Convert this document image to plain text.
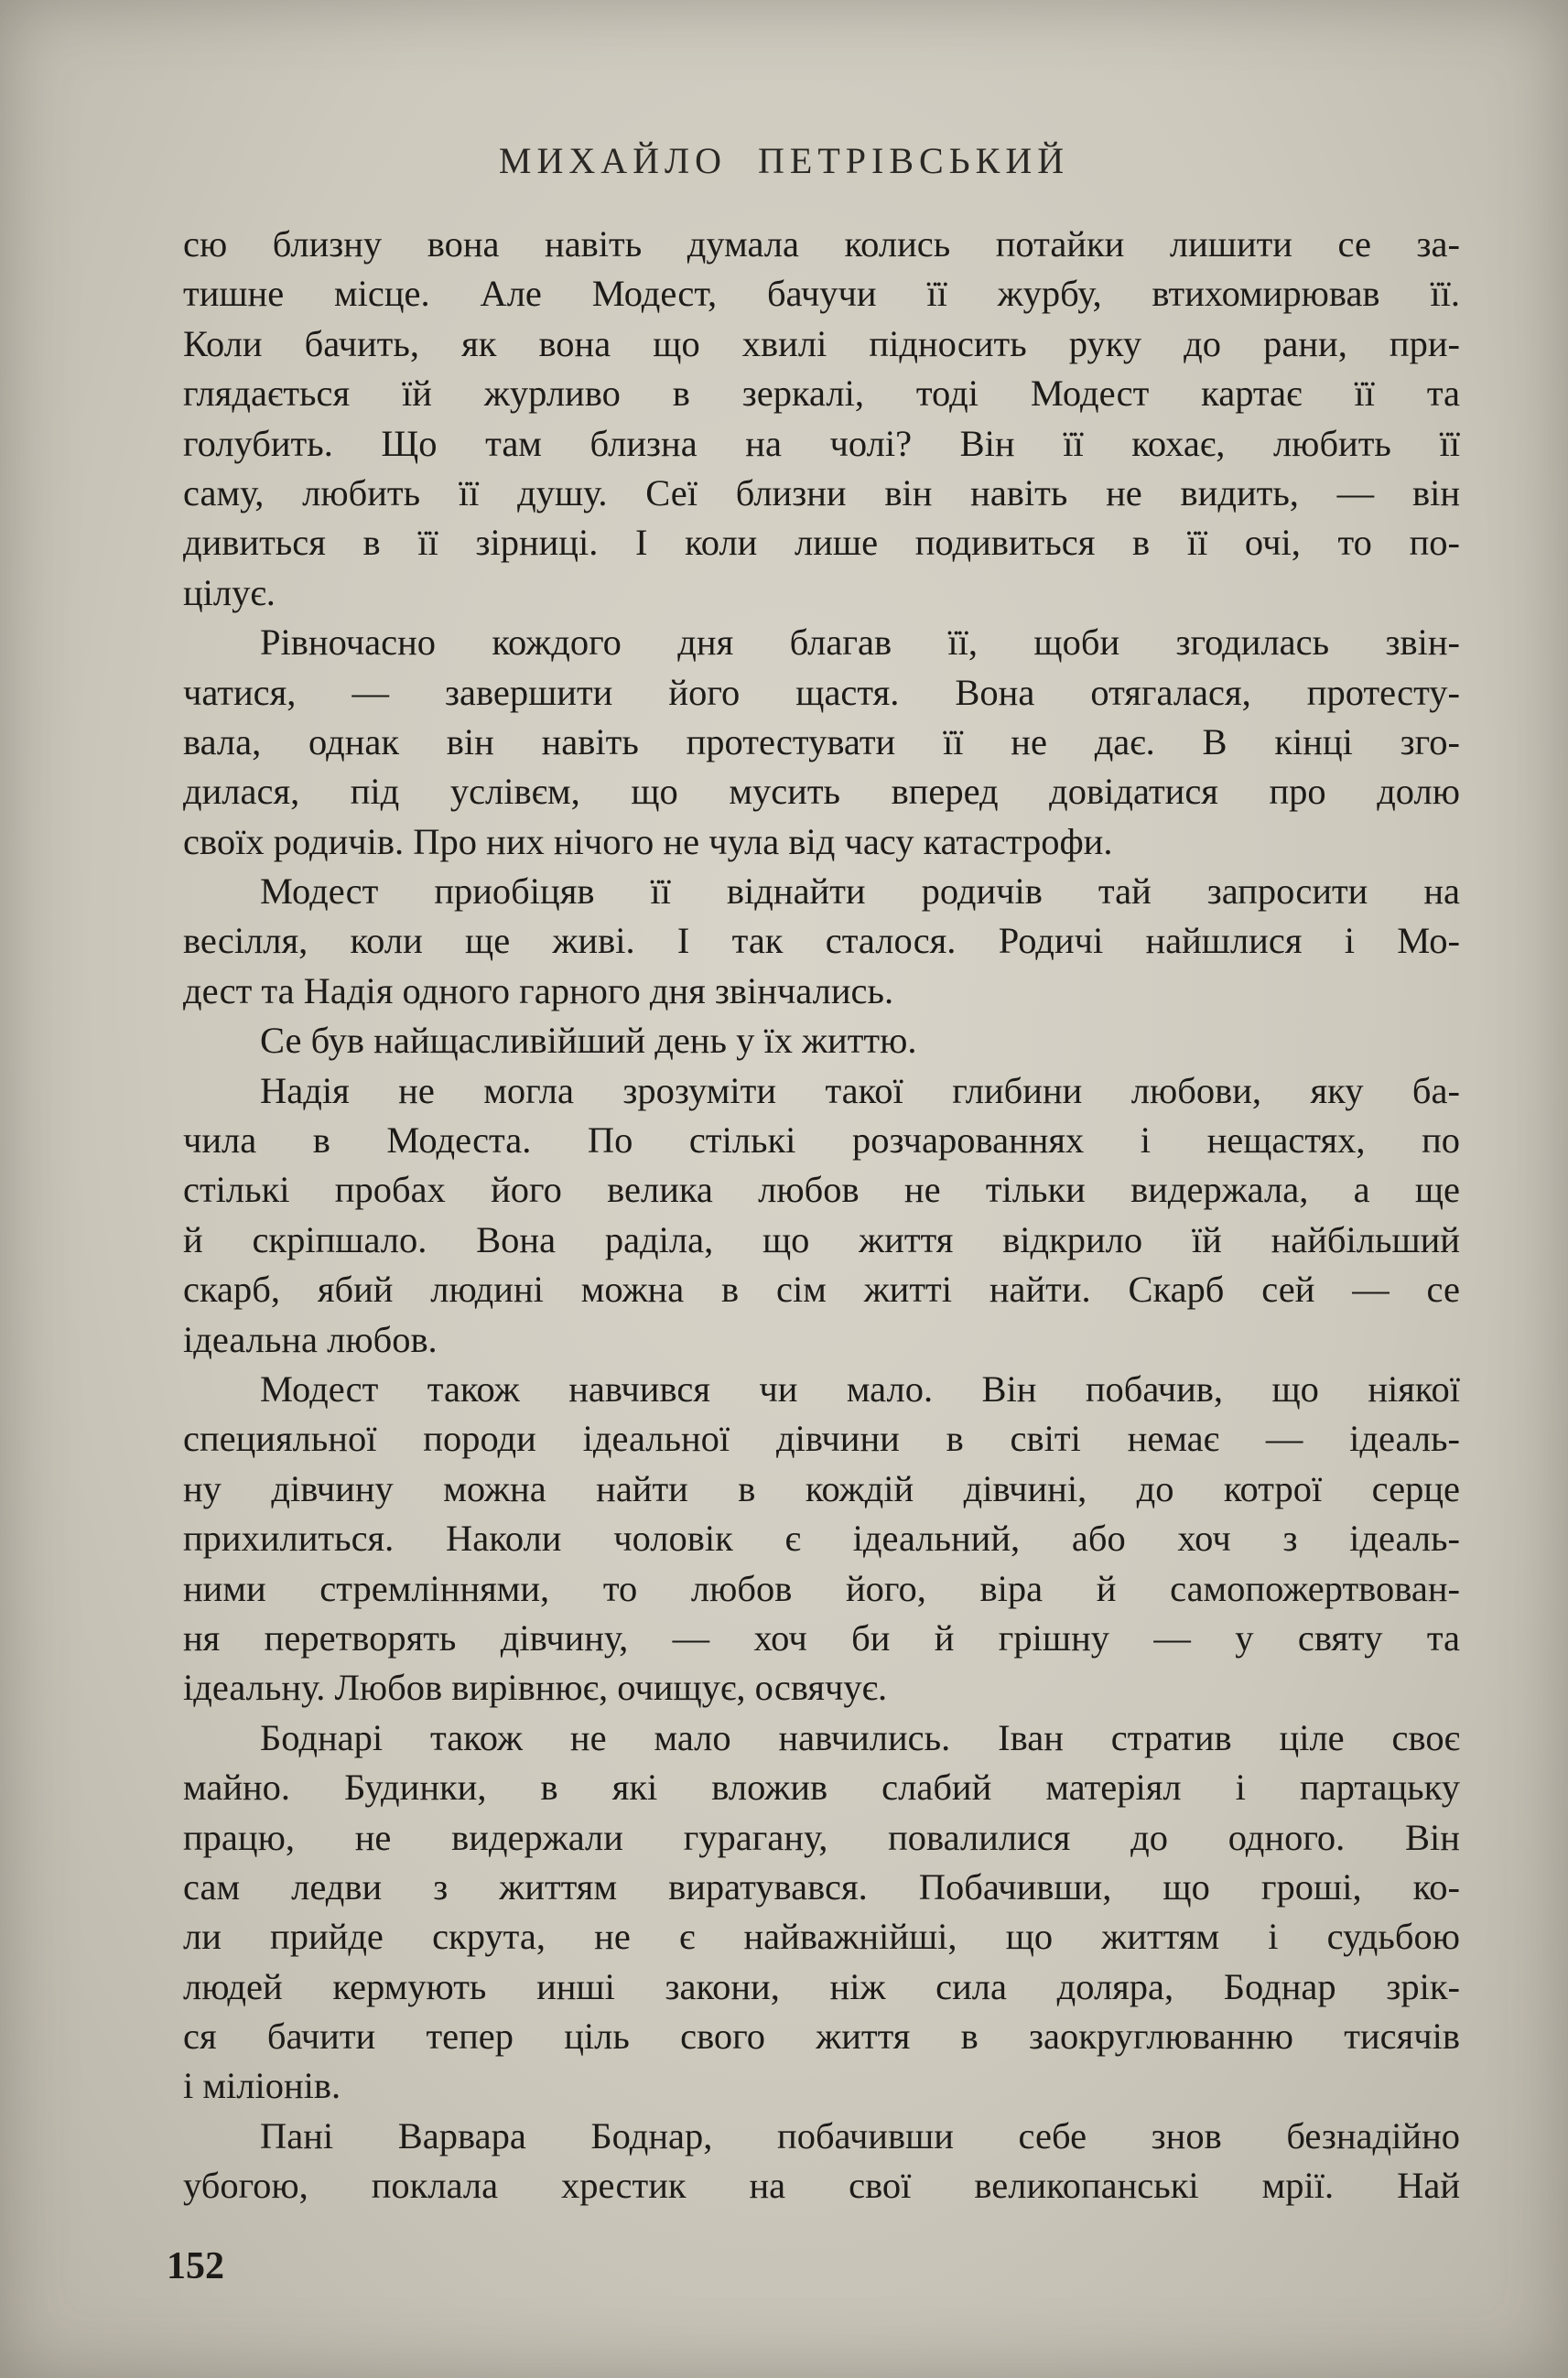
МИХАЙЛО ПЕТРІВСЬКИЙ
сю близну вона навіть думала колись потайки лишити се за-
тишне місце. Але Модест, бачучи її журбу, втихомирював її.
Коли бачить, як вона що хвилі підносить руку до рани, при-
глядається їй журливо в зеркалі, тоді Модест картає її та
голубить. Що там близна на чолі? Він її кохає, любить її
саму, любить її душу. Сеї близни він навіть не видить, — він
дивиться в її зірниці. І коли лише подивиться в її очі, то по-
цілує.
Рівночасно кождого дня благав її, щоби згодилась звін-
чатися, — завершити його щастя. Вона отягалася, протесту-
вала, однак він навіть протестувати її не дає. В кінці зго-
дилася, під услівєм, що мусить вперед довідатися про долю
своїх родичів. Про них нічого не чула від часу катастрофи.
Модест приобіцяв її віднайти родичів тай запросити на
весілля, коли ще живі. І так сталося. Родичі найшлися і Мо-
дест та Надія одного гарного дня звінчались.
Се був найщасливійший день у їх життю.
Надія не могла зрозуміти такої глибини любови, яку ба-
чила в Модеста. По стількі розчарованнях і нещастях, по
стількі пробах його велика любов не тільки видержала, а ще
й скріпшало. Вона раділа, що життя відкрило їй найбільший
скарб, ябий людині можна в сім житті найти. Скарб сей — се
ідеальна любов.
Модест також навчився чи мало. Він побачив, що ніякої
специяльної породи ідеальної дівчини в світі немає — ідеаль-
ну дівчину можна найти в кождій дівчині, до котрої серце
прихилиться. Наколи чоловік є ідеальний, або хоч з ідеаль-
ними стремліннями, то любов його, віра й самопожертвован-
ня перетворять дівчину, — хоч би й грішну — у святу та
ідеальну. Любов вирівнює, очищує, освячує.
Боднарі також не мало навчились. Іван стратив ціле своє
майно. Будинки, в які вложив слабий матеріял і партацьку
працю, не видержали гурагану, повалилися до одного. Він
сам ледви з життям виратувався. Побачивши, що гроші, ко-
ли прийде скрута, не є найважнійші, що життям і судьбою
людей кермують инші закони, ніж сила доляра, Боднар зрік-
ся бачити тепер ціль свого життя в заокруглюванню тисячів
і міліонів.
Пані Варвара Боднар, побачивши себе знов безнадійно
убогою, поклала хрестик на свої великопанські мрії. Най
152
